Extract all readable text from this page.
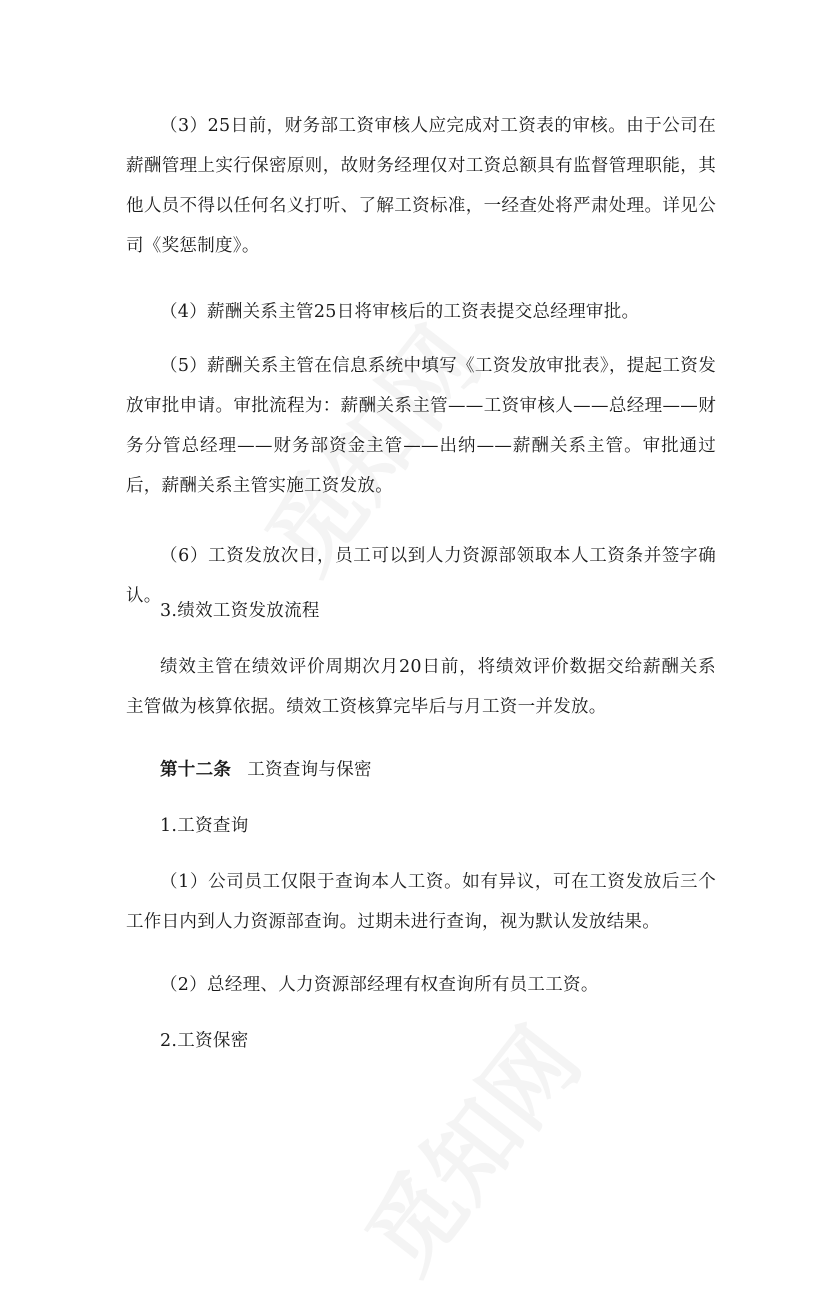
（3）25日前，财务部工资审核人应完成对工资表的审核。由于公司在薪酬管理上实行保密原则，故财务经理仅对工资总额具有监督管理职能，其他人员不得以任何名义打听、了解工资标准，一经查处将严肃处理。详见公司《奖惩制度》。

（4）薪酬关系主管25日将审核后的工资表提交总经理审批。

（5）薪酬关系主管在信息系统中填写《工资发放审批表》，提起工资发放审批申请。审批流程为：薪酬关系主管——工资审核人——总经理——财务分管总经理——财务部资金主管——出纳——薪酬关系主管。审批通过后，薪酬关系主管实施工资发放。

（6）工资发放次日，员工可以到人力资源部领取本人工资条并签字确认。

3.绩效工资发放流程

绩效主管在绩效评价周期次月20日前，将绩效评价数据交给薪酬关系主管做为核算依据。绩效工资核算完毕后与月工资一并发放。

第十二条 工资查询与保密

1.工资查询

（1）公司员工仅限于查询本人工资。如有异议，可在工资发放后三个工作日内到人力资源部查询。过期未进行查询，视为默认发放结果。

（2）总经理、人力资源部经理有权查询所有员工工资。

2.工资保密
